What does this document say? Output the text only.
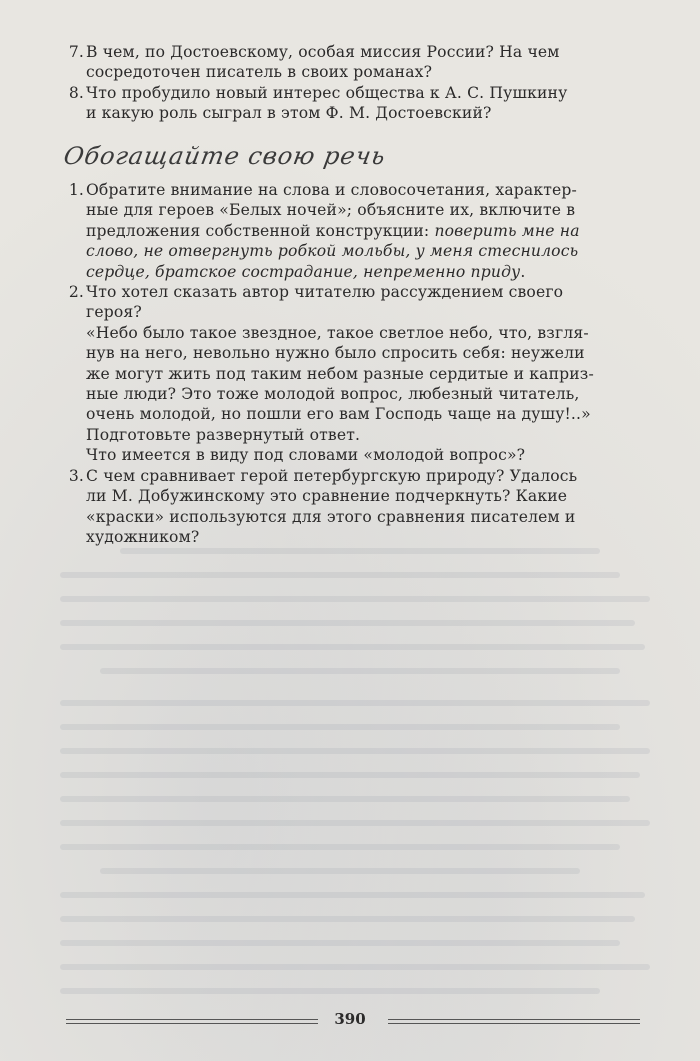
7. В чем, по Достоевскому, особая миссия России? На чем
сосредоточен писатель в своих романах?
8. Что пробудило новый интерес общества к А. С. Пушкину
и какую роль сыграл в этом Ф. М. Достоевский?
Обогащайте свою речь
1. Обратите внимание на слова и словосочетания, характер-
ные для героев «Белых ночей»; объясните их, включите в
предложения собственной конструкции: поверить мне на
слово, не отвергнуть робкой мольбы, у меня стеснилось
сердце, братское сострадание, непременно приду.
2. Что хотел сказать автор читателю рассуждением своего
героя?
«Небо было такое звездное, такое светлое небо, что, взгля-
нув на него, невольно нужно было спросить себя: неужели
же могут жить под таким небом разные сердитые и каприз-
ные люди? Это тоже молодой вопрос, любезный читатель,
очень молодой, но пошли его вам Господь чаще на душу!..»
Подготовьте развернутый ответ.
Что имеется в виду под словами «молодой вопрос»?
3. С чем сравнивает герой петербургскую природу? Удалось
ли М. Добужинскому это сравнение подчеркнуть? Какие
«краски» используются для этого сравнения писателем и
художником?
390
